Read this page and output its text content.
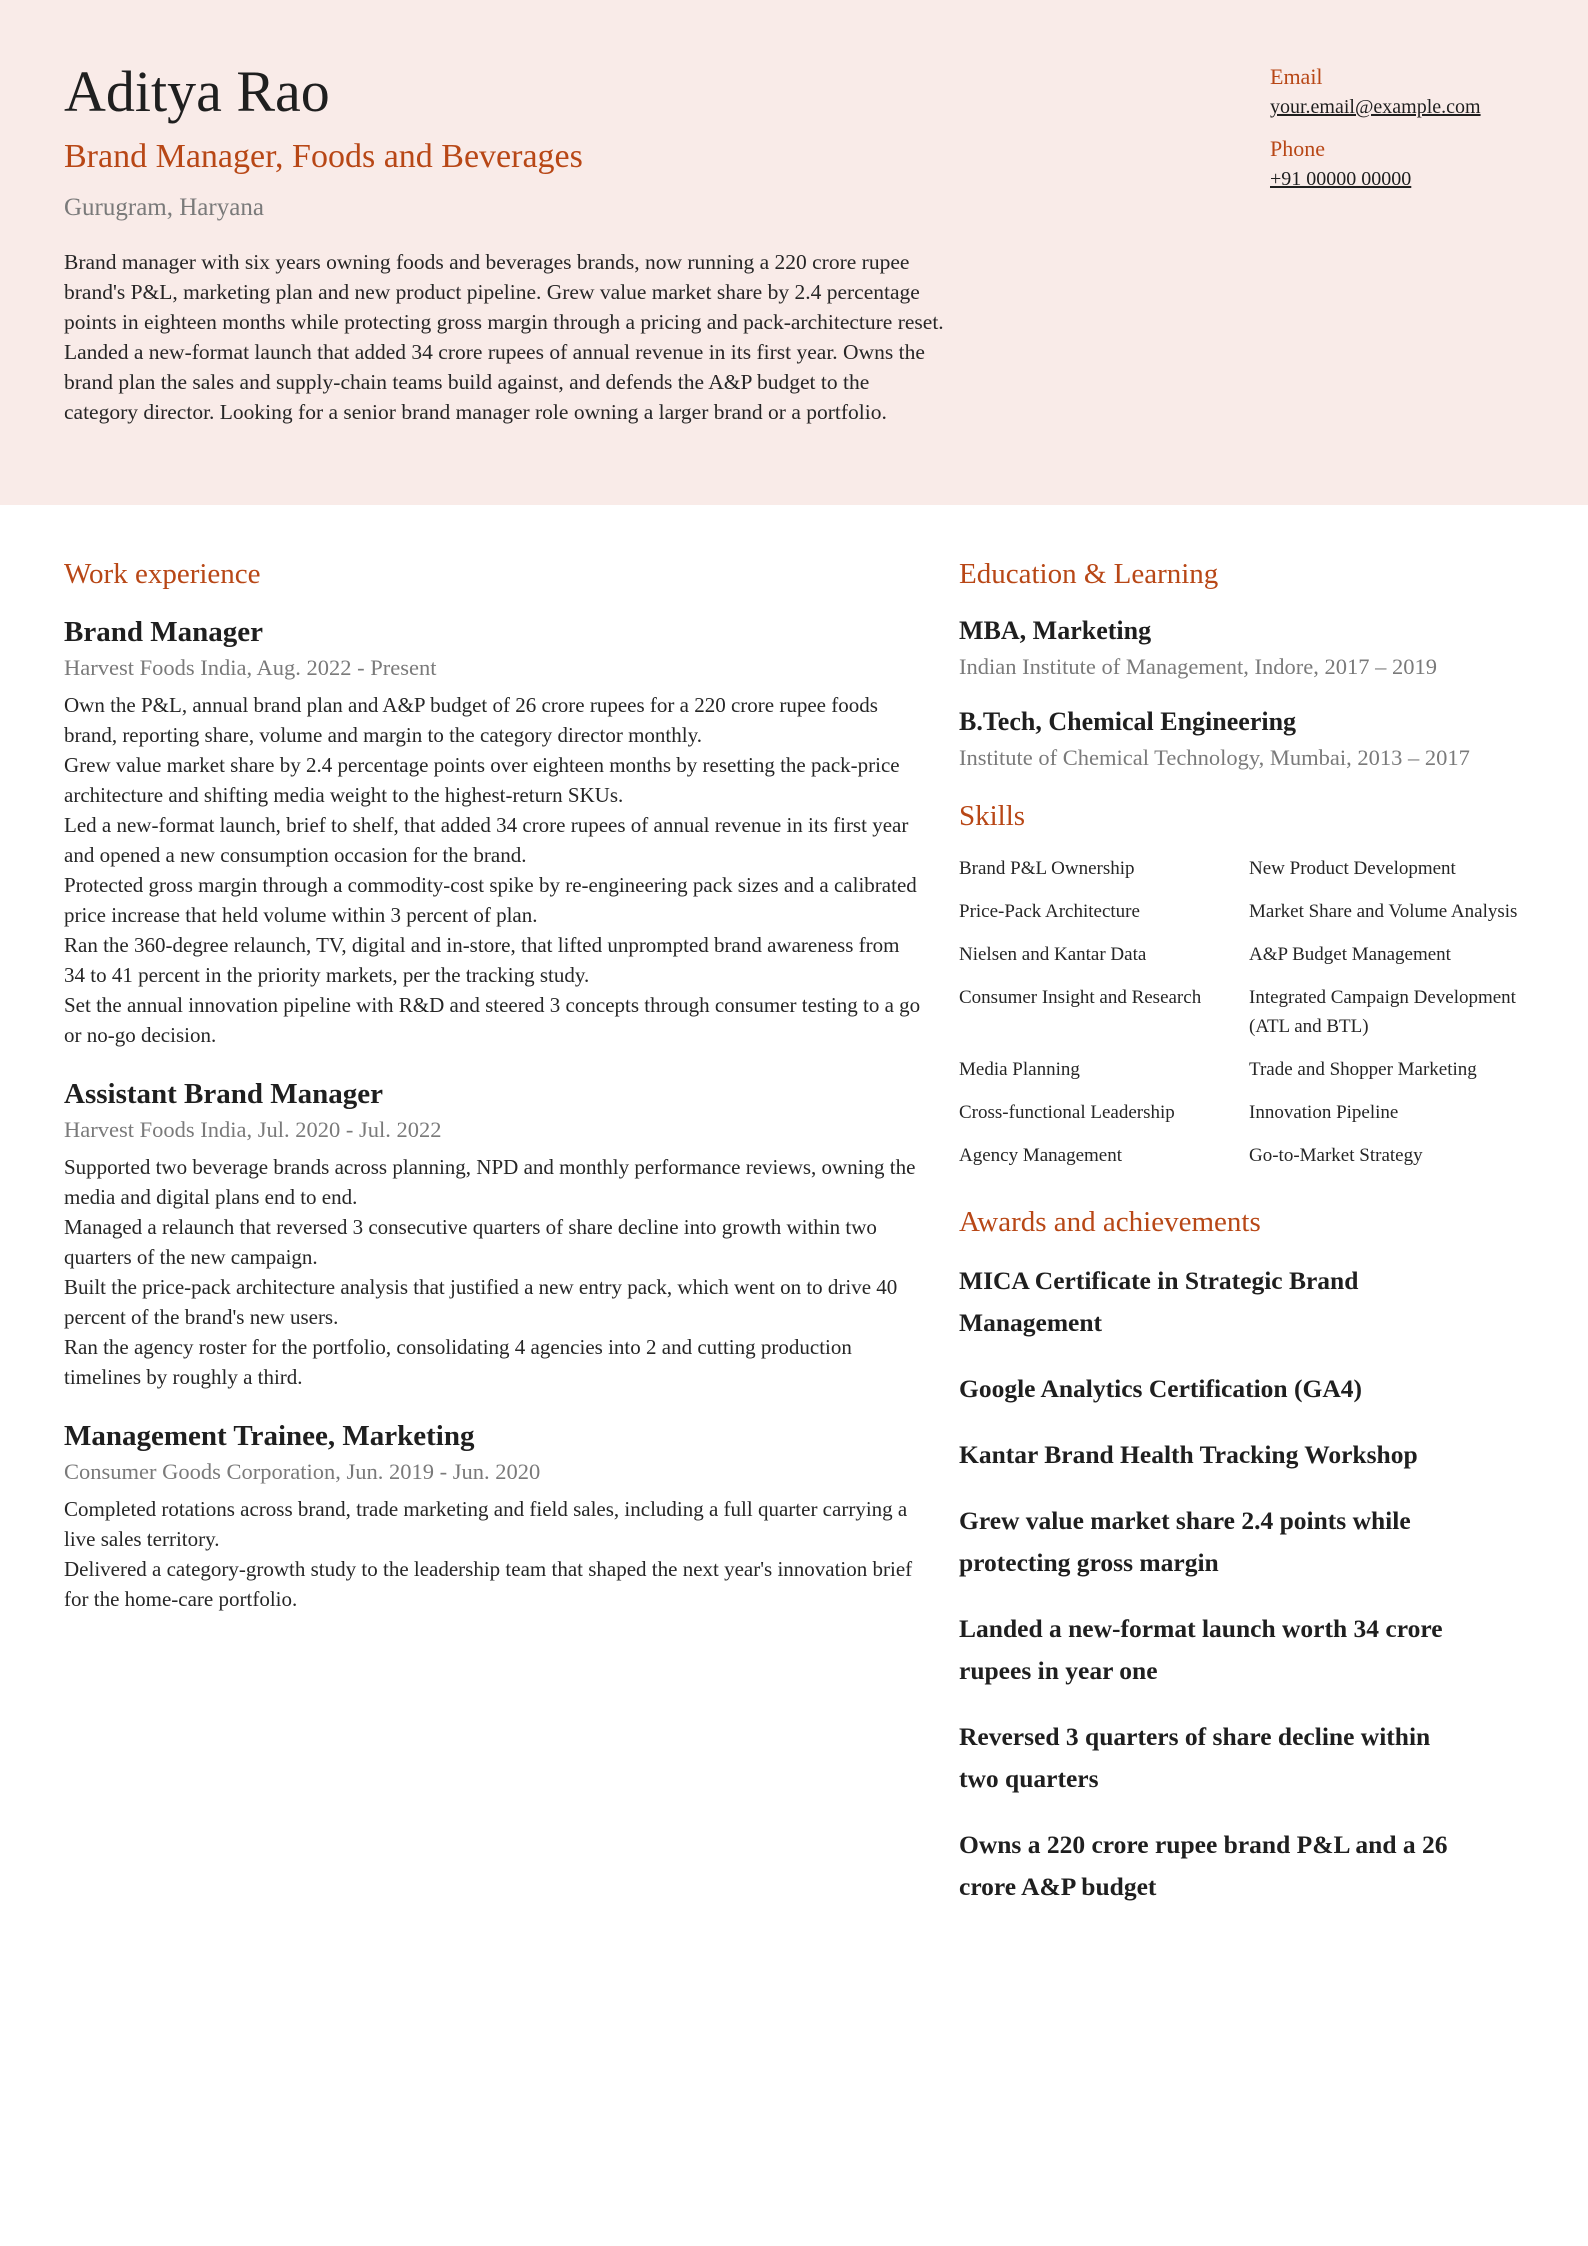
Aditya Rao
Brand Manager, Foods and Beverages
Gurugram, Haryana
Brand manager with six years owning foods and beverages brands, now running a 220 crore rupee brand's P&L, marketing plan and new product pipeline. Grew value market share by 2.4 percentage points in eighteen months while protecting gross margin through a pricing and pack-architecture reset. Landed a new-format launch that added 34 crore rupees of annual revenue in its first year. Owns the brand plan the sales and supply-chain teams build against, and defends the A&P budget to the category director. Looking for a senior brand manager role owning a larger brand or a portfolio.
Email
your.email@example.com
Phone
+91 00000 00000
Work experience
Brand Manager
Harvest Foods India, Aug. 2022 - Present
Own the P&L, annual brand plan and A&P budget of 26 crore rupees for a 220 crore rupee foods brand, reporting share, volume and margin to the category director monthly.
Grew value market share by 2.4 percentage points over eighteen months by resetting the pack-price architecture and shifting media weight to the highest-return SKUs.
Led a new-format launch, brief to shelf, that added 34 crore rupees of annual revenue in its first year and opened a new consumption occasion for the brand.
Protected gross margin through a commodity-cost spike by re-engineering pack sizes and a calibrated price increase that held volume within 3 percent of plan.
Ran the 360-degree relaunch, TV, digital and in-store, that lifted unprompted brand awareness from 34 to 41 percent in the priority markets, per the tracking study.
Set the annual innovation pipeline with R&D and steered 3 concepts through consumer testing to a go or no-go decision.
Assistant Brand Manager
Harvest Foods India, Jul. 2020 - Jul. 2022
Supported two beverage brands across planning, NPD and monthly performance reviews, owning the media and digital plans end to end.
Managed a relaunch that reversed 3 consecutive quarters of share decline into growth within two quarters of the new campaign.
Built the price-pack architecture analysis that justified a new entry pack, which went on to drive 40 percent of the brand's new users.
Ran the agency roster for the portfolio, consolidating 4 agencies into 2 and cutting production timelines by roughly a third.
Management Trainee, Marketing
Consumer Goods Corporation, Jun. 2019 - Jun. 2020
Completed rotations across brand, trade marketing and field sales, including a full quarter carrying a live sales territory.
Delivered a category-growth study to the leadership team that shaped the next year's innovation brief for the home-care portfolio.
Education & Learning
MBA, Marketing
Indian Institute of Management, Indore, 2017 – 2019
B.Tech, Chemical Engineering
Institute of Chemical Technology, Mumbai, 2013 – 2017
Skills
Brand P&L Ownership	New Product Development
Price-Pack Architecture	Market Share and Volume Analysis
Nielsen and Kantar Data	A&P Budget Management
Consumer Insight and Research	Integrated Campaign Development (ATL and BTL)
Media Planning	Trade and Shopper Marketing
Cross-functional Leadership	Innovation Pipeline
Agency Management	Go-to-Market Strategy
Awards and achievements
MICA Certificate in Strategic Brand Management
Google Analytics Certification (GA4)
Kantar Brand Health Tracking Workshop
Grew value market share 2.4 points while protecting gross margin
Landed a new-format launch worth 34 crore rupees in year one
Reversed 3 quarters of share decline within two quarters
Owns a 220 crore rupee brand P&L and a 26 crore A&P budget
